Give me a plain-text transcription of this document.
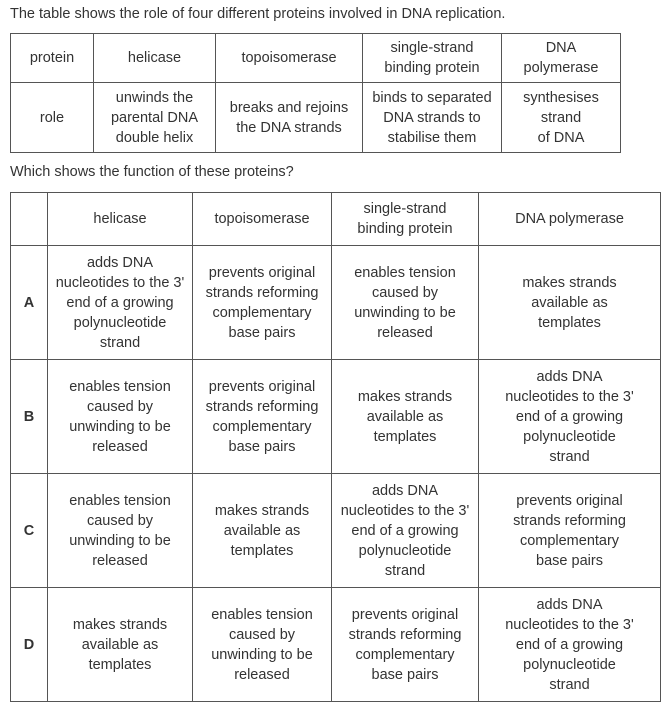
The table shows the role of four different proteins involved in DNA replication.
protein	helicase	topoisomerase	single-strand
binding protein	DNA
polymerase
role	unwinds the
parental DNA
double helix	breaks and rejoins
the DNA strands	binds to separated
DNA strands to
stabilise them	synthesises
strand
of DNA
Which shows the function of these proteins?
	helicase	topoisomerase	single-strand
binding protein	DNA polymerase
A	adds DNA
nucleotides to the 3'
end of a growing
polynucleotide
strand	prevents original
strands reforming
complementary
base pairs	enables tension
caused by
unwinding to be
released	makes strands
available as
templates
B	enables tension
caused by
unwinding to be
released	prevents original
strands reforming
complementary
base pairs	makes strands
available as
templates	adds DNA
nucleotides to the 3'
end of a growing
polynucleotide
strand
C	enables tension
caused by
unwinding to be
released	makes strands
available as
templates	adds DNA
nucleotides to the 3'
end of a growing
polynucleotide
strand	prevents original
strands reforming
complementary
base pairs
D	makes strands
available as
templates	enables tension
caused by
unwinding to be
released	prevents original
strands reforming
complementary
base pairs	adds DNA
nucleotides to the 3'
end of a growing
polynucleotide
strand
